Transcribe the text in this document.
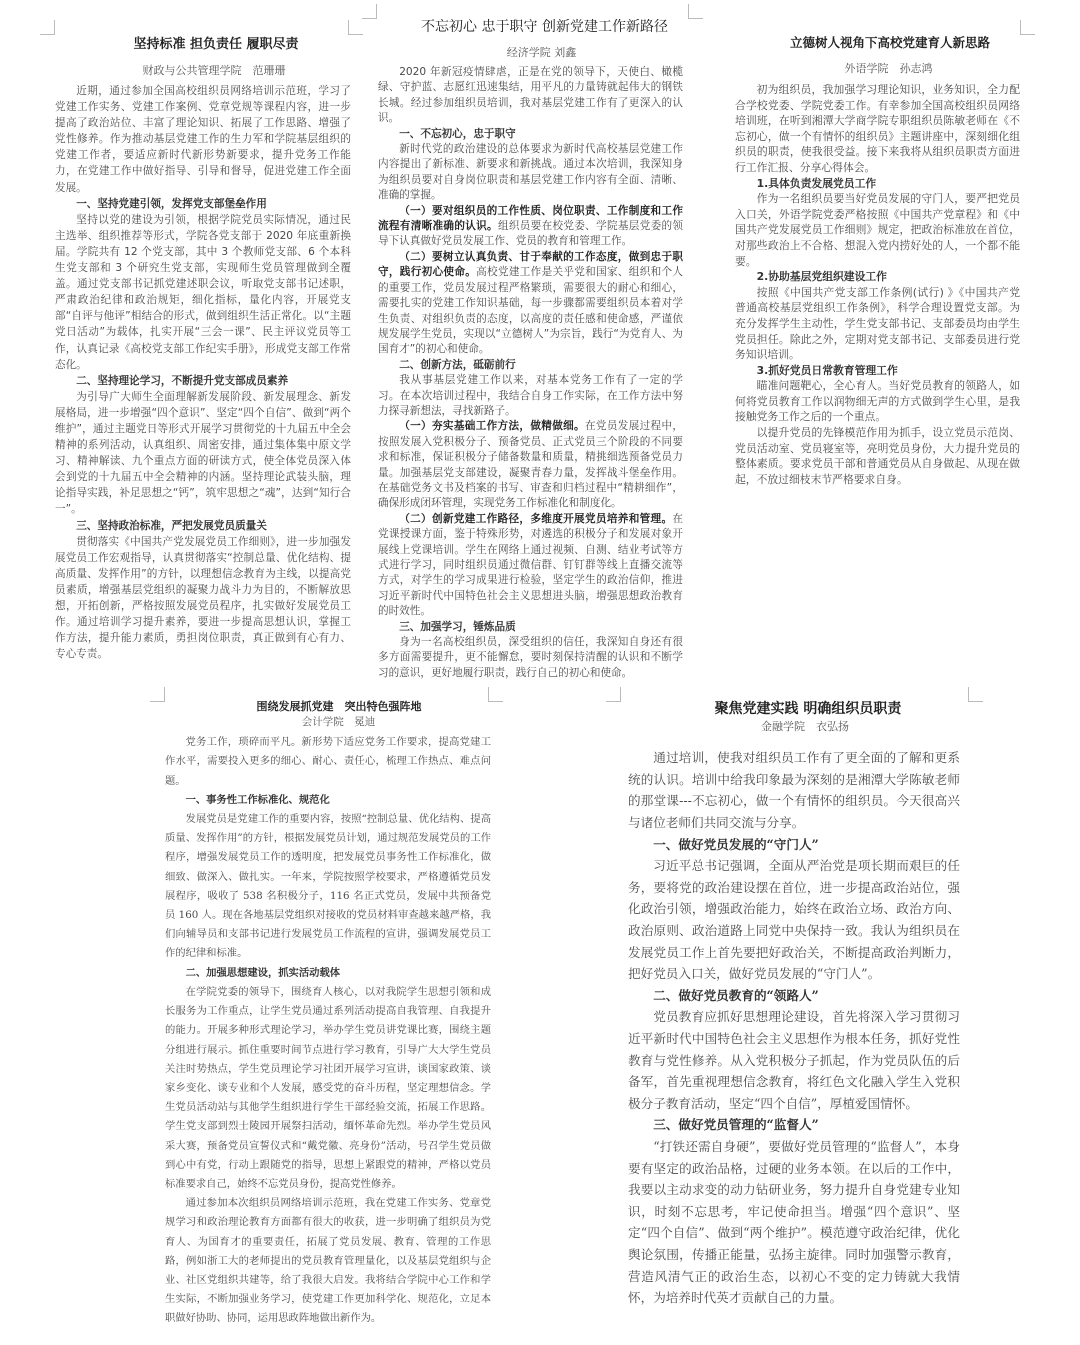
坚持标准 担负责任 履职尽责

财政与公共管理学院　范珊珊

近期，通过参加全国高校组织员网络培训示范班，学习了党建工作实务、党建工作案例、党章党规等课程内容，进一步提高了政治站位、丰富了理论知识、拓展了工作思路、增强了党性修养。作为推动基层党建工作的生力军和学院基层组织的党建工作者，要适应新时代新形势新要求，提升党务工作能力，在党建工作中做好指导、引导和督导，促进党建工作全面发展。

一、坚持党建引领，发挥党支部堡垒作用

坚持以党的建设为引领，根据学院党员实际情况，通过民主选举、组织推荐等形式，学院各党支部于 2020 年底重新换届。学院共有 12 个党支部，其中 3 个教师党支部、6 个本科生党支部和 3 个研究生党支部，实现师生党员管理做到全覆盖。通过党支部书记抓党建述职会议，听取党支部书记述职，严肃政治纪律和政治规矩，细化指标，量化内容，开展党支部“自评与他评”相结合的形式，做到组织生活正常化。以“主题党日活动”为载体，扎实开展“三会一课”、民主评议党员等工作，认真记录《高校党支部工作纪实手册》，形成党支部工作常态化。

二、坚持理论学习，不断提升党支部成员素养

为引导广大师生全面理解新发展阶段、新发展理念、新发展格局，进一步增强“四个意识”、坚定“四个自信”、做到“两个维护”，通过主题党日等形式开展学习贯彻党的十九届五中全会精神的系列活动，认真组织、周密安排，通过集体集中原文学习、精神解读、九个重点方面的研读方式，使全体党员深入体会到党的十九届五中全会精神的内涵。坚持理论武装头脑，理论指导实践，补足思想之“钙”，筑牢思想之“魂”，达到“知行合一”。

三、坚持政治标准，严把发展党员质量关

贯彻落实《中国共产党发展党员工作细则》，进一步加强发展党员工作宏观指导，认真贯彻落实“控制总量、优化结构、提高质量、发挥作用”的方针，以理想信念教育为主线，以提高党员素质，增强基层党组织的凝聚力战斗力为目的，不断解放思想，开拓创新，严格按照发展党员程序，扎实做好发展党员工作。通过培训学习提升素养，要进一步提高思想认识，掌握工作方法，提升能力素质，勇担岗位职责，真正做到有心有力、专心专责。

不忘初心 忠于职守 创新党建工作新路径

经济学院 刘鑫

2020 年新冠疫情肆虐，正是在党的领导下，天使白、橄榄绿、守护蓝、志愿红迅速集结，用平凡的力量铸就起伟大的钢铁长城。经过参加组织员培训，我对基层党建工作有了更深入的认识。

一、不忘初心，忠于职守

新时代党的政治建设的总体要求为新时代高校基层党建工作内容提出了新标准、新要求和新挑战。通过本次培训，我深知身为组织员要对自身岗位职责和基层党建工作内容有全面、清晰、准确的掌握。

（一）要对组织员的工作性质、岗位职责、工作制度和工作流程有清晰准确的认识。组织员要在校党委、学院基层党委的领导下认真做好党员发展工作、党员的教育和管理工作。

（二）要树立认真负责、甘于奉献的工作态度，做到忠于职守，践行初心使命。高校党建工作是关乎党和国家、组织和个人的重要工作，党员发展过程严格繁琐，需要很大的耐心和细心，需要扎实的党建工作知识基础，每一步骤都需要组织员本着对学生负责、对组织负责的态度，以高度的责任感和使命感，严谨依规发展学生党员，实现以“立德树人”为宗旨，践行“为党育人、为国育才”的初心和使命。

二、创新方法，砥砺前行

我从事基层党建工作以来，对基本党务工作有了一定的学习。在本次培训过程中，我结合自身工作实际，在工作方法中努力探寻新想法，寻找新路子。

（一）夯实基础工作方法，做精做细。在党员发展过程中，按照发展入党积极分子、预备党员、正式党员三个阶段的不同要求和标准，保证积极分子储备数量和质量，精挑细选预备党员力量。加强基层党支部建设，凝聚青春力量，发挥战斗堡垒作用。在基础党务文书及档案的书写、审查和归档过程中“精耕细作”，确保形成闭环管理，实现党务工作标准化和制度化。

（二）创新党建工作路径，多维度开展党员培养和管理。在党课授课方面，鉴于特殊形势，对遴选的积极分子和发展对象开展线上党课培训。学生在网络上通过视频、自测、结业考试等方式进行学习，同时组织员通过微信群、钉钉群等线上直播交流等方式，对学生的学习成果进行检验，坚定学生的政治信仰，推进习近平新时代中国特色社会主义思想进头脑，增强思想政治教育的时效性。

三、加强学习，锤炼品质

身为一名高校组织员，深受组织的信任，我深知自身还有很多方面需要提升，更不能懈怠，要时刻保持清醒的认识和不断学习的意识，更好地履行职责，践行自己的初心和使命。

立德树人视角下高校党建育人新思路

外语学院　孙志鸿

初为组织员，我加强学习理论知识，业务知识，全力配合学校党委、学院党委工作。有幸参加全国高校组织员网络培训班，在听到湘潭大学商学院专职组织员陈敏老师在《不忘初心，做一个有情怀的组织员》主题讲座中，深刻细化组织员的职责，使我很受益。接下来我将从组织员职责方面进行工作汇报、分享心得体会。

1.具体负责发展党员工作

作为一名组织员要当好党员发展的守门人，要严把党员入口关，外语学院党委严格按照《中国共产党章程》和《中国共产党发展党员工作细则》规定，把政治标准放在首位，对那些政治上不合格、想混入党内捞好处的人，一个都不能要。

2.协助基层党组织建设工作

按照《中国共产党支部工作条例(试行) 》《中国共产党普通高校基层党组织工作条例》，科学合理设置党支部。为充分发挥学生主动性，学生党支部书记、支部委员均由学生党员担任。除此之外，定期对党支部书记、支部委员进行党务知识培训。

3.抓好党员日常教育管理工作

瞄准问题靶心，全心育人。当好党员教育的领路人，如何将党员教育工作以润物细无声的方式做到学生心里，是我接触党务工作之后的一个重点。

以提升党员的先锋模范作用为抓手，设立党员示范岗、党员活动室、党员寝室等，亮明党员身份，大力提升党员的整体素质。要求党员干部和普通党员从自身做起、从现在做起，不放过细枝末节严格要求自身。

围绕发展抓党建　突出特色强阵地

会计学院　冕迪

党务工作，琐碎而平凡。新形势下适应党务工作要求，提高党建工作水平，需要投入更多的细心、耐心、责任心，梳理工作热点、难点问题。

一、事务性工作标准化、规范化

发展党员是党建工作的重要内容，按照“控制总量、优化结构、提高质量、发挥作用”的方针，根据发展党员计划，通过规范发展党员的工作程序，增强发展党员工作的透明度，把发展党员事务性工作标准化，做细致、做深入、做扎实。一年来，学院按照学校要求，严格遵循党员发展程序，吸收了 538 名积极分子，116 名正式党员，发展中共预备党员 160 人。现在各地基层党组织对接收的党员材料审查越来越严格，我们向辅导员和支部书记进行发展党员工作流程的宣讲，强调发展党员工作的纪律和标准。

二、加强思想建设，抓实活动载体

在学院党委的领导下，围绕育人核心，以对我院学生思想引领和成长服务为工作重点，让学生党员通过系列活动提高自我管理、自我提升的能力。开展多种形式理论学习，举办学生党员讲党课比赛，围绕主题分组进行展示。抓住重要时间节点进行学习教育，引导广大大学生党员关注时势热点，学生党员理论学习社团开展学习宣讲，谈国家政策、谈家乡变化、谈专业和个人发展，感受党的奋斗历程，坚定理想信念。学生党员活动站与其他学生组织进行学生干部经验交流，拓展工作思路。学生党支部到烈士陵园开展祭扫活动，缅怀革命先烈。举办学生党员风采大赛，预备党员宣誓仪式和“戴党徽、亮身份”活动，号召学生党员做到心中有党，行动上跟随党的指导，思想上紧跟党的精神，严格以党员标准要求自己，始终不忘党员身份，提高党性修养。

通过参加本次组织员网络培训示范班，我在党建工作实务、党章党规学习和政治理论教育方面都有很大的收获，进一步明确了组织员为党育人、为国育才的重要责任，拓展了党员发展、教育、管理的工作思路，例如浙工大的老师提出的党员教育管理量化，以及基层党组织与企业、社区党组织共建等，给了我很大启发。我将结合学院中心工作和学生实际，不断加强业务学习，使党建工作更加科学化、规范化，立足本职做好协助、协同，运用思政阵地做出新作为。

聚焦党建实践 明确组织员职责

金融学院　衣弘扬

通过培训，使我对组织员工作有了更全面的了解和更系统的认识。培训中给我印象最为深刻的是湘潭大学陈敏老师的那堂课---不忘初心，做一个有情怀的组织员。今天很高兴与诸位老师们共同交流与分享。

一、做好党员发展的“守门人”

习近平总书记强调，全面从严治党是项长期而艰巨的任务，要将党的政治建设摆在首位，进一步提高政治站位，强化政治引领，增强政治能力，始终在政治立场、政治方向、政治原则、政治道路上同党中央保持一致。我认为组织员在发展党员工作上首先要把好政治关，不断提高政治判断力，把好党员入口关，做好党员发展的“守门人”。

二、做好党员教育的“领路人”

党员教育应抓好思想理论建设，首先将深入学习贯彻习近平新时代中国特色社会主义思想作为根本任务，抓好党性教育与党性修养。从入党积极分子抓起，作为党员队伍的后备军，首先重视理想信念教育，将红色文化融入学生入党积极分子教育活动，坚定“四个自信”，厚植爱国情怀。

三、做好党员管理的“监督人”

“打铁还需自身硬”，要做好党员管理的“监督人”，本身要有坚定的政治品格，过硬的业务本领。在以后的工作中，我要以主动求变的动力钻研业务，努力提升自身党建专业知识，时刻不忘思考，牢记使命担当。增强“四个意识”、坚定“四个自信”、做到“两个维护”。模范遵守政治纪律，优化舆论氛围，传播正能量，弘扬主旋律。同时加强警示教育，营造风清气正的政治生态，以初心不变的定力铸就大我情怀，为培养时代英才贡献自己的力量。
